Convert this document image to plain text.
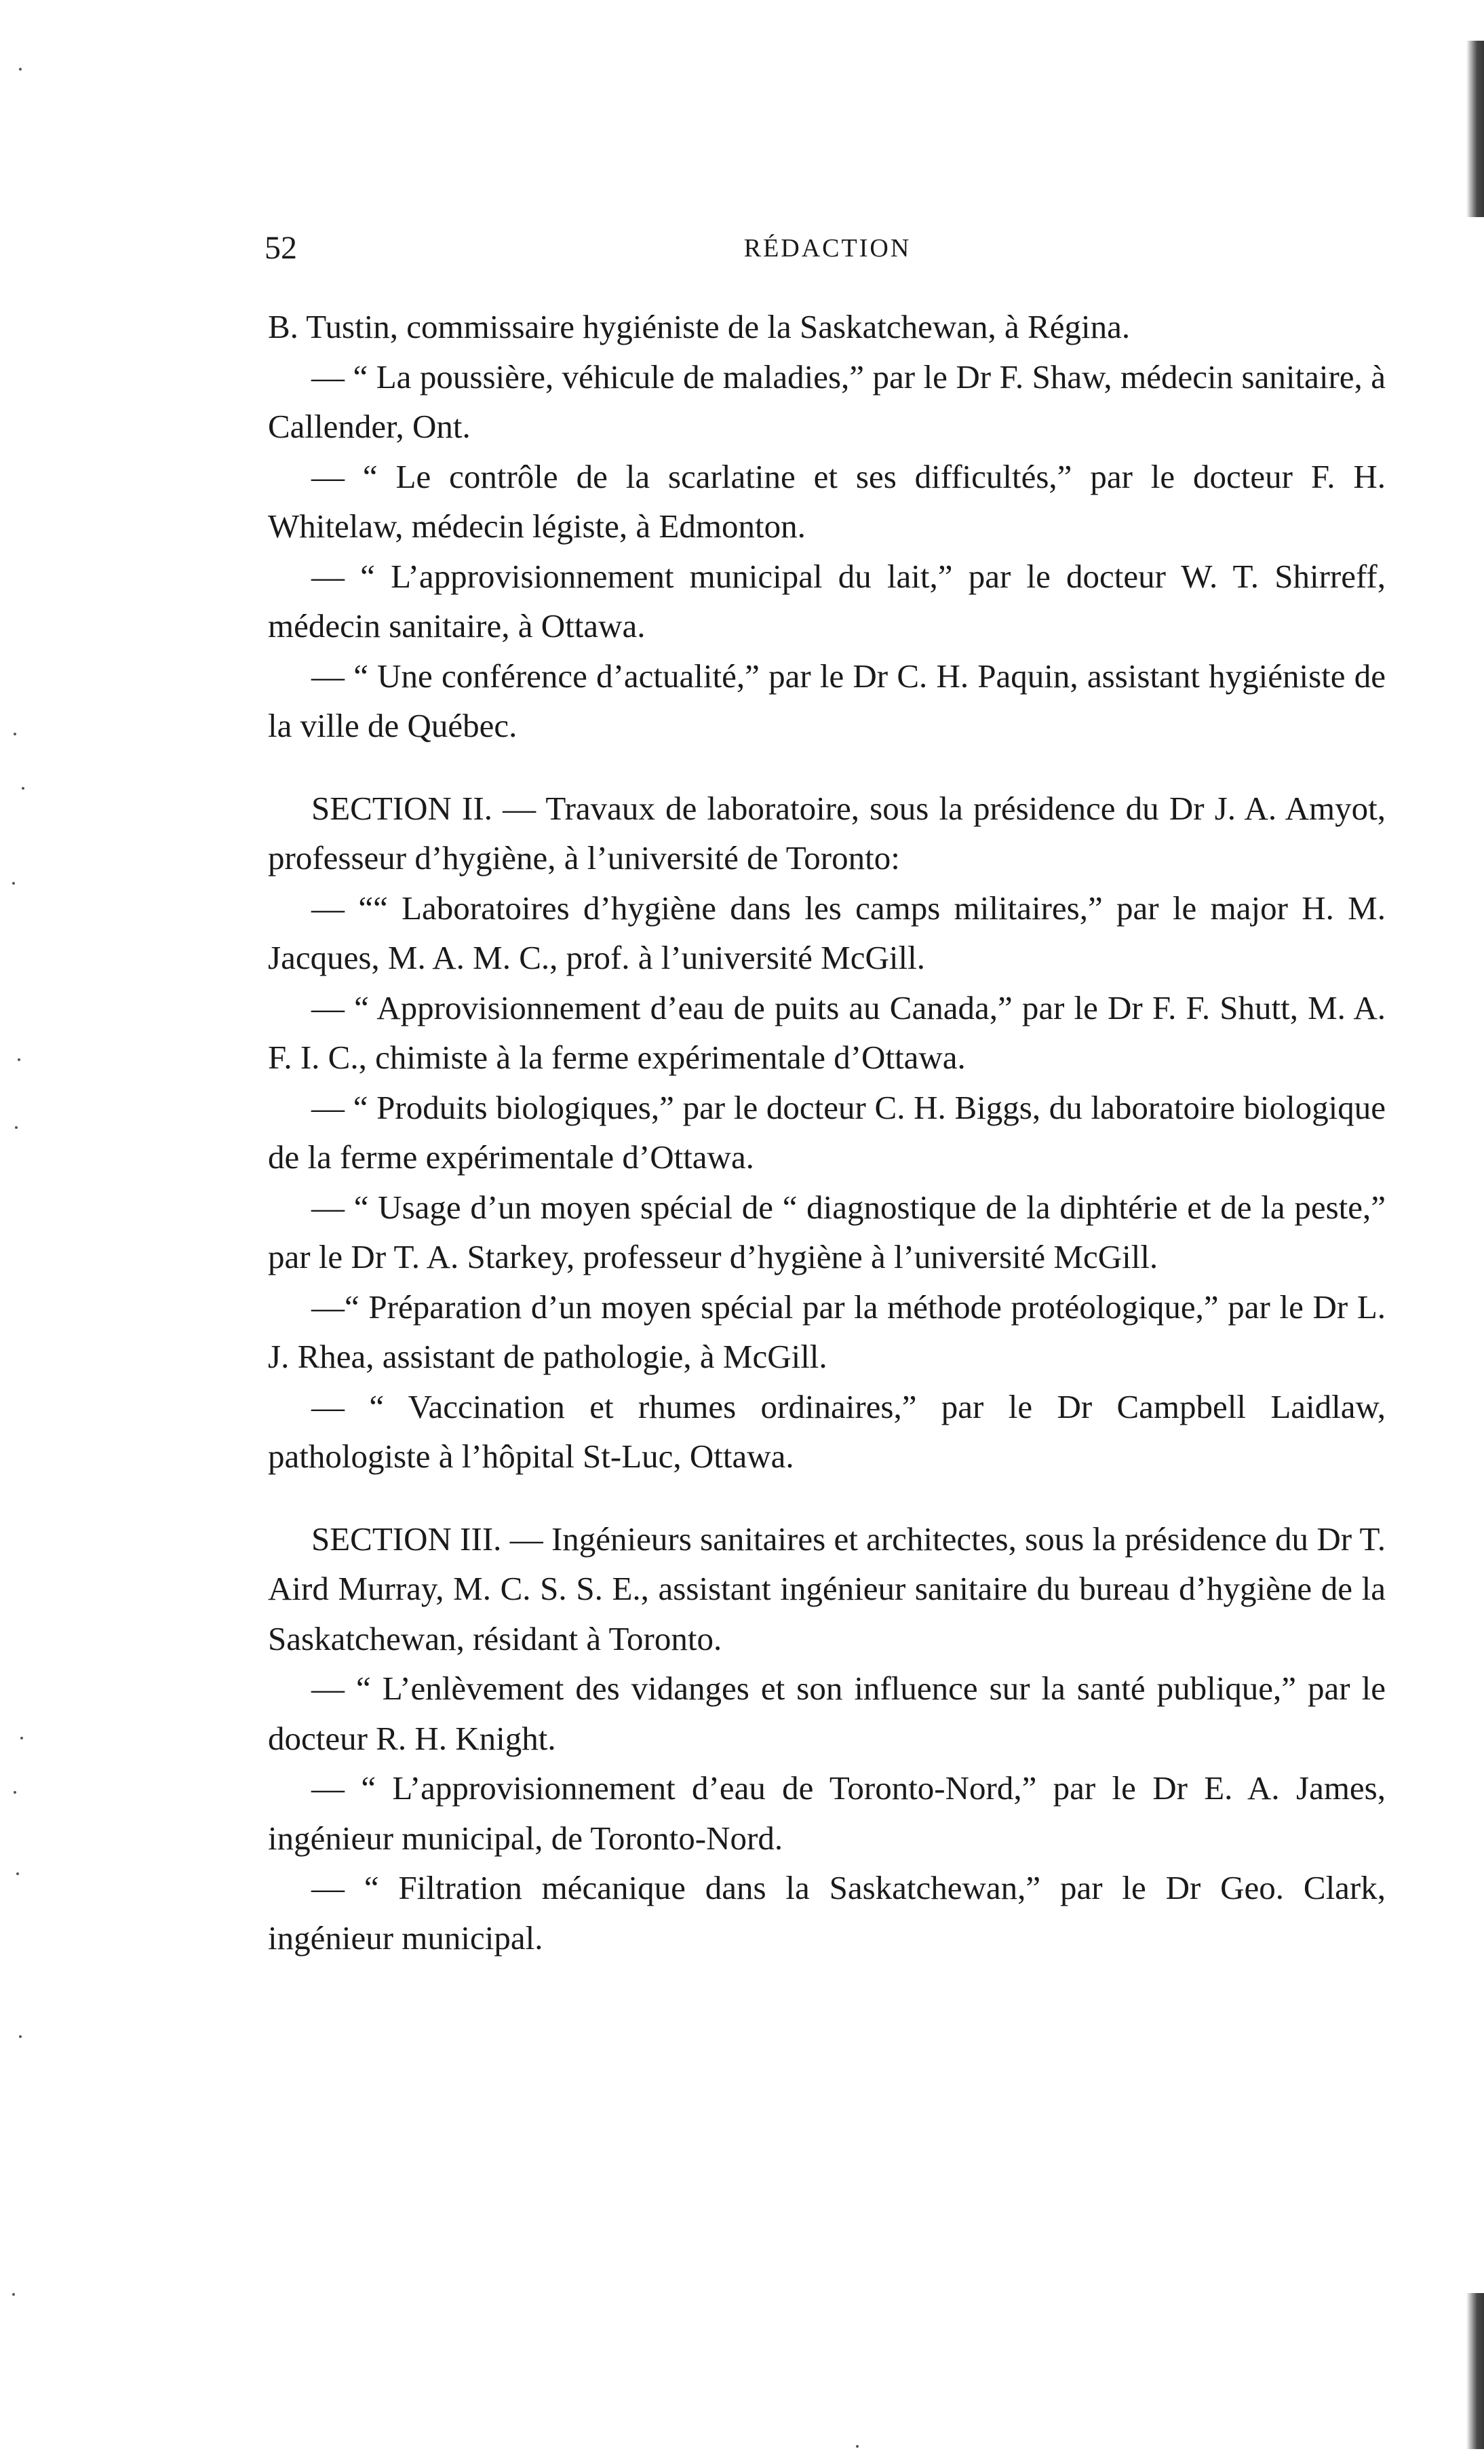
52	RÉDACTION

B. Tustin, commissaire hygiéniste de la Saskatchewan, à Régina.

— “ La poussière, véhicule de maladies,” par le Dr F. Shaw, médecin sanitaire, à Callender, Ont.

— “ Le contrôle de la scarlatine et ses difficultés,” par le docteur F. H. Whitelaw, médecin légiste, à Edmonton.

— “ L’approvisionnement municipal du lait,” par le docteur W. T. Shirreff, médecin sanitaire, à Ottawa.

— “ Une conférence d’actualité,” par le Dr C. H. Paquin, assistant hygiéniste de la ville de Québec.

SECTION II. — Travaux de laboratoire, sous la présidence du Dr J. A. Amyot, professeur d’hygiène, à l’université de Toronto:

— ““ Laboratoires d’hygiène dans les camps militaires,” par le major H. M. Jacques, M. A. M. C., prof. à l’université McGill.

— “ Approvisionnement d’eau de puits au Canada,” par le Dr F. F. Shutt, M. A. F. I. C., chimiste à la ferme expérimentale d’Ottawa.

— “ Produits biologiques,” par le docteur C. H. Biggs, du laboratoire biologique de la ferme expérimentale d’Ottawa.

— “ Usage d’un moyen spécial de “ diagnostique de la diphtérie et de la peste,” par le Dr T. A. Starkey, professeur d’hygiène à l’université McGill.

—“ Préparation d’un moyen spécial par la méthode protéologique,” par le Dr L. J. Rhea, assistant de pathologie, à McGill.

— “ Vaccination et rhumes ordinaires,” par le Dr Campbell Laidlaw, pathologiste à l’hôpital St-Luc, Ottawa.

SECTION III. — Ingénieurs sanitaires et architectes, sous la présidence du Dr T. Aird Murray, M. C. S. S. E., assistant ingénieur sanitaire du bureau d’hygiène de la Saskatchewan, résidant à Toronto.

— “ L’enlèvement des vidanges et son influence sur la santé publique,” par le docteur R. H. Knight.

— “ L’approvisionnement d’eau de Toronto-Nord,” par le Dr E. A. James, ingénieur municipal, de Toronto-Nord.

— “ Filtration mécanique dans la Saskatchewan,” par le Dr Geo. Clark, ingénieur municipal.
